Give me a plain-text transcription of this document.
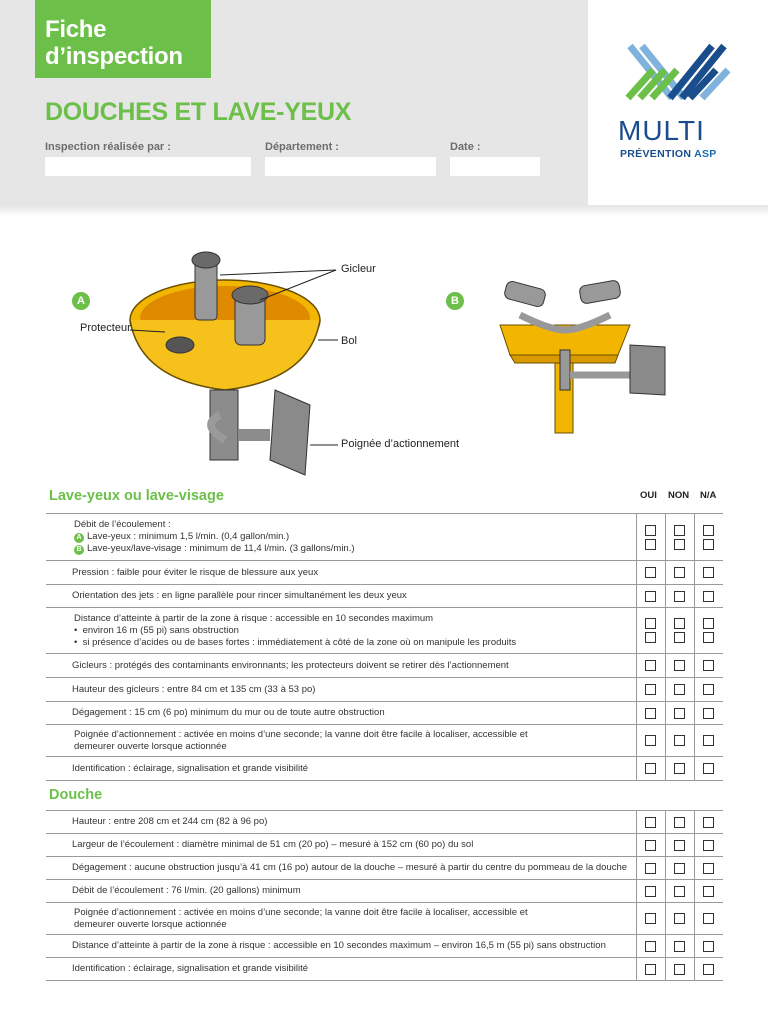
Fiche
d’inspection
DOUCHES ET LAVE-YEUX
Inspection réalisée par :	Département :	Date :
MULTI
PRÉVENTION ASP
A
Gicleur
Protecteur
Bol
Poignée d’actionnement
B
Lave-yeux ou lave-visage	OUI NON N/A
Débit de l’écoulement :
A Lave-yeux : minimum 1,5 l/min. (0,4 gallon/min.)
B Lave-yeux/lave-visage : minimum de 11,4 l/min. (3 gallons/min.)			

Pression : faible pour éviter le risque de blessure aux yeux	

Orientation des jets : en ligne parallèle pour rincer simultanément les deux yeux	

Distance d’atteinte à partir de la zone à risque : accessible en 10 secondes maximum
•  environ 16 m (55 pi) sans obstruction
•  si présence d’acides ou de bases fortes : immédiatement à côté de la zone où on manipule les produits			

Gicleurs : protégés des contaminants environnants; les protecteurs doivent se retirer dès l’actionnement	

Hauteur des gicleurs : entre 84 cm et 135 cm (33 à 53 po)	

Dégagement : 15 cm (6 po) minimum du mur ou de toute autre obstruction	

Poignée d’actionnement : activée en moins d’une seconde; la vanne doit être facile à localiser, accessible et
demeurer ouverte lorsque actionnée			

Identification : éclairage, signalisation et grande visibilité	

Douche
Hauteur : entre 208 cm et 244 cm (82 à 96 po)	

Largeur de l’écoulement : diamètre minimal de 51 cm (20 po) – mesuré à 152 cm (60 po) du sol	

Dégagement : aucune obstruction jusqu’à 41 cm (16 po) autour de la douche – mesuré à partir du centre du pommeau de la douche	

Débit de l’écoulement : 76 l/min. (20 gallons) minimum	

Poignée d’actionnement : activée en moins d’une seconde; la vanne doit être facile à localiser, accessible et
demeurer ouverte lorsque actionnée			

Distance d’atteinte à partir de la zone à risque : accessible en 10 secondes maximum – environ 16,5 m (55 pi) sans obstruction	

Identification : éclairage, signalisation et grande visibilité	
